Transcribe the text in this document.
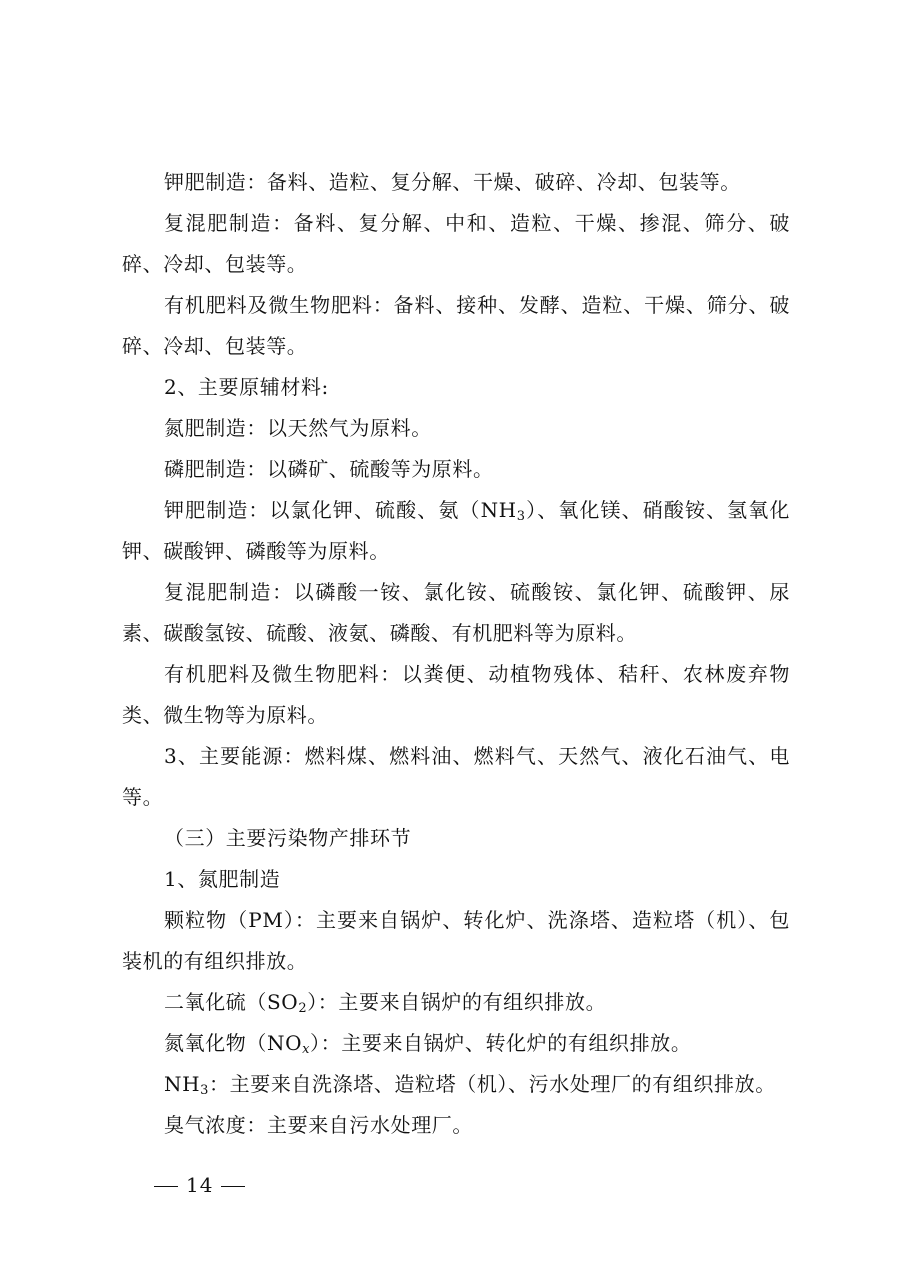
钾肥制造：备料、造粒、复分解、干燥、破碎、冷却、包装等。

复混肥制造：备料、复分解、中和、造粒、干燥、掺混、筛分、破碎、冷却、包装等。

有机肥料及微生物肥料：备料、接种、发酵、造粒、干燥、筛分、破碎、冷却、包装等。

2、主要原辅材料:

氮肥制造：以天然气为原料。

磷肥制造：以磷矿、硫酸等为原料。

钾肥制造：以氯化钾、硫酸、氨$(NH_3)$、氧化镁、硝酸铵、氢氧化钾、碳酸钾、磷酸等为原料。

复混肥制造：以磷酸一铵、氯化铵、硫酸铵、氯化钾、硫酸钾、尿素、碳酸氢铵、硫酸、液氨、磷酸、有机肥料等为原料。

有机肥料及微生物肥料：以粪便、动植物残体、秸秆、农林废弃物类、微生物等为原料。

3、主要能源：燃料煤、燃料油、燃料气、天然气、液化石油气、电等。

（三）主要污染物产排环节

1、氮肥制造

颗粒物（PM）：主要来自锅炉、转化炉、洗涤塔、造粒塔（机）、包装机的有组织排放。

二氧化硫$(SO_2)$：主要来自锅炉的有组织排放。

氮氧化物$(NO_x)$：主要来自锅炉、转化炉的有组织排放。

$NH_3$：主要来自洗涤塔、造粒塔（机）、污水处理厂的有组织排放。

臭气浓度：主要来自污水处理厂。

14
